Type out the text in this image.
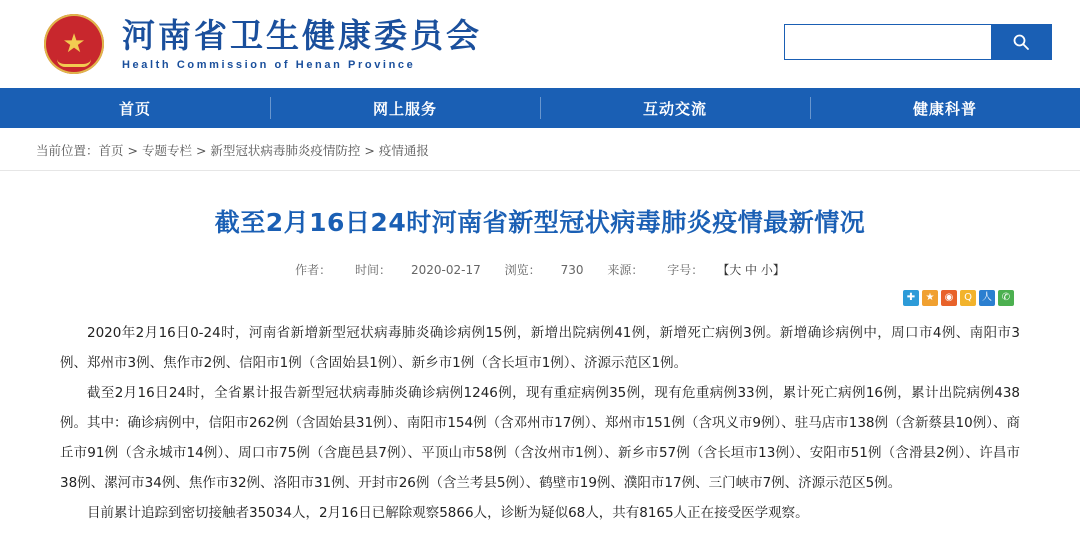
★ 河南省卫生健康委员会
Health Commission of Henan Province
首页	网上服务	互动交流	健康科普
当前位置：首页 > 专题专栏 > 新型冠状病毒肺炎疫情防控 > 疫情通报
截至2月16日24时河南省新型冠状病毒肺炎疫情最新情况
作者： 时间： 2020-02-17 浏览： 730 来源： 字号： 【大 中 小】
✚	★	◉	Q	人 ✆

2020年2月16日0-24时，河南省新增新型冠状病毒肺炎确诊病例15例，新增出院病例41例，新增死亡病例3例。新增确诊病例中，周口市4例、南阳市3例、郑州市3例、焦作市2例、信阳市1例（含固始县1例）、新乡市1例（含长垣市1例）、济源示范区1例。

截至2月16日24时，全省累计报告新型冠状病毒肺炎确诊病例1246例，现有重症病例35例，现有危重病例33例，累计死亡病例16例，累计出院病例438例。其中：确诊病例中，信阳市262例（含固始县31例）、南阳市154例（含邓州市17例）、郑州市151例（含巩义市9例）、驻马店市138例（含新蔡县10例）、商丘市91例（含永城市14例）、周口市75例（含鹿邑县7例）、平顶山市58例（含汝州市1例）、新乡市57例（含长垣市13例）、安阳市51例（含滑县2例）、许昌市38例、漯河市34例、焦作市32例、洛阳市31例、开封市26例（含兰考县5例）、鹤壁市19例、濮阳市17例、三门峡市7例、济源示范区5例。

目前累计追踪到密切接触者35034人，2月16日已解除观察5866人，诊断为疑似68人，共有8165人正在接受医学观察。
